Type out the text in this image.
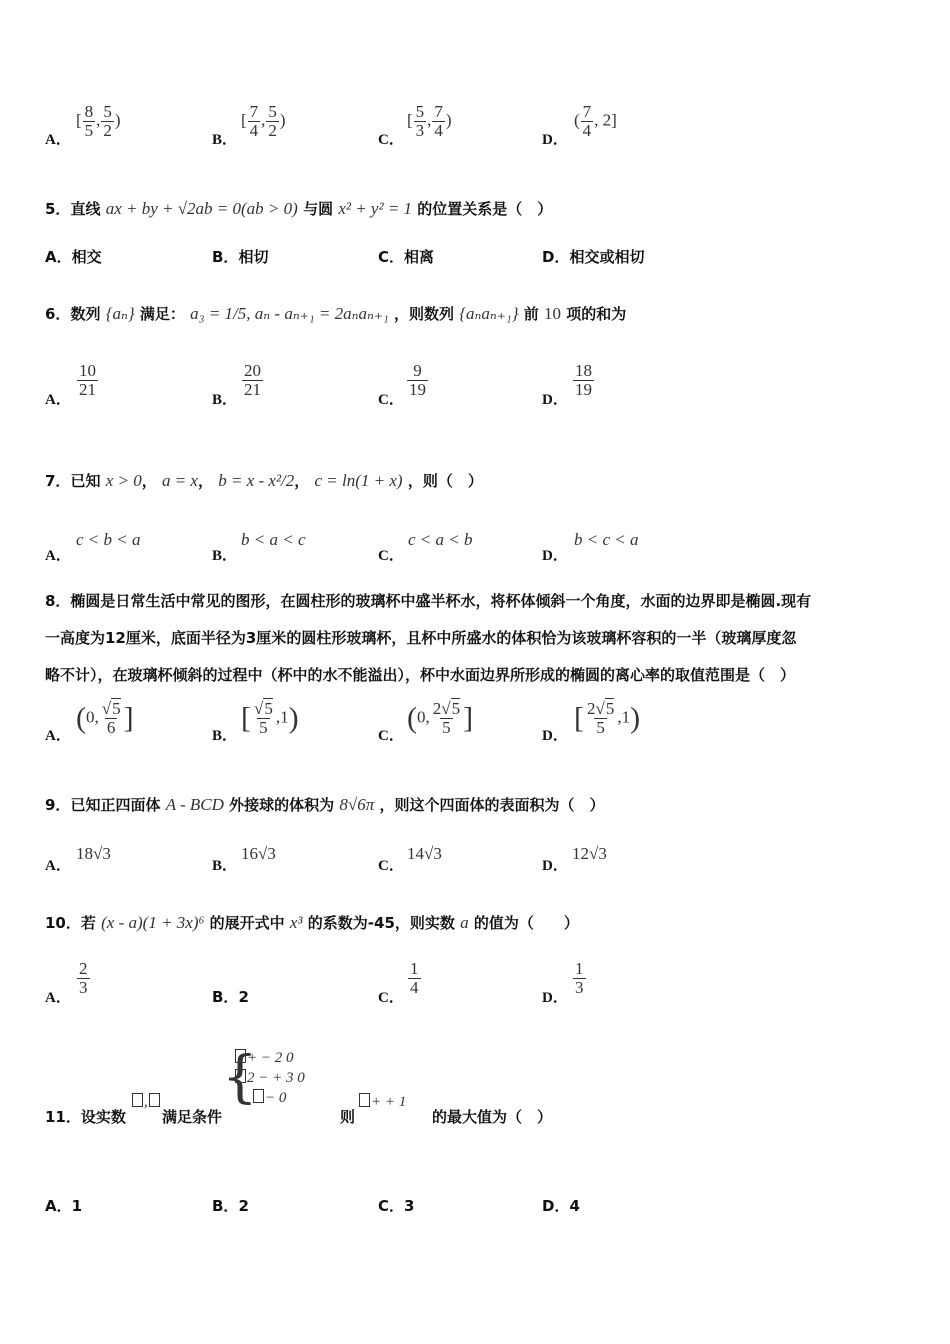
A．
[ $\frac{8}{5}$ , $\frac{5}{2}$ )
B．
[ $\frac{7}{4}$ , $\frac{5}{2}$ )
C．
[ $\frac{5}{3}$ , $\frac{7}{4}$ )
D．
( $\frac{7}{4}$ , 2]
5．直线 ax + by + √2ab = 0(ab > 0) 与圆 x² + y² = 1 的位置关系是（　）
A．相交	B．相切	C．相离	D．相交或相切
6．数列 {aₙ} 满足： a₃ = 1/5, aₙ - aₙ₊₁ = 2aₙaₙ₊₁ ，则数列 {aₙaₙ₊₁} 前 10 项的和为
A．
$\frac{10}{21}$
B．
$\frac{20}{21}$
C．
$\frac{9}{19}$
D．
$\frac{18}{19}$
7．已知 x > 0， a = x， b = x - x²/2， c = ln(1 + x) ，则（　）
A．
c < b < a
B．
b < a < c
C．
c < a < b
D．
b < c < a
8．椭圆是日常生活中常见的图形，在圆柱形的玻璃杯中盛半杯水，将杯体倾斜一个角度，水面的边界即是椭圆.现有
一高度为12厘米，底面半径为3厘米的圆柱形玻璃杯，且杯中所盛水的体积恰为该玻璃杯容积的一半（玻璃厚度忽
略不计），在玻璃杯倾斜的过程中（杯中的水不能溢出），杯中水面边界所形成的椭圆的离心率的取值范围是（　）
A．
(0, $\frac{√5}{6}$ ]
B．
[ $\frac{√5}{5} ,1$)
C．
(0, $\frac{2√5}{5}$ ]
D．
[ $\frac{2√5}{5} ,1$)
9．已知正四面体 A - BCD 外接球的体积为 8√6π ，则这个四面体的表面积为（　）
A．
18√3
B．
16√3
C．
14√3
D．
12√3
10．若 (x - a)(1 + 3x)⁶ 的展开式中 x³ 的系数为-45，则实数 a 的值为（　　）
A．
$\frac{2}{3}$
B．2	C．
$\frac{1}{4}$
D．
$\frac{1}{3}$
11．设实数
,
满足条件
{
+ − 2 0
2 − + 3 0
− 0
则
+ + 1
的最大值为（　）
A．1	B．2	C．3	D．4
